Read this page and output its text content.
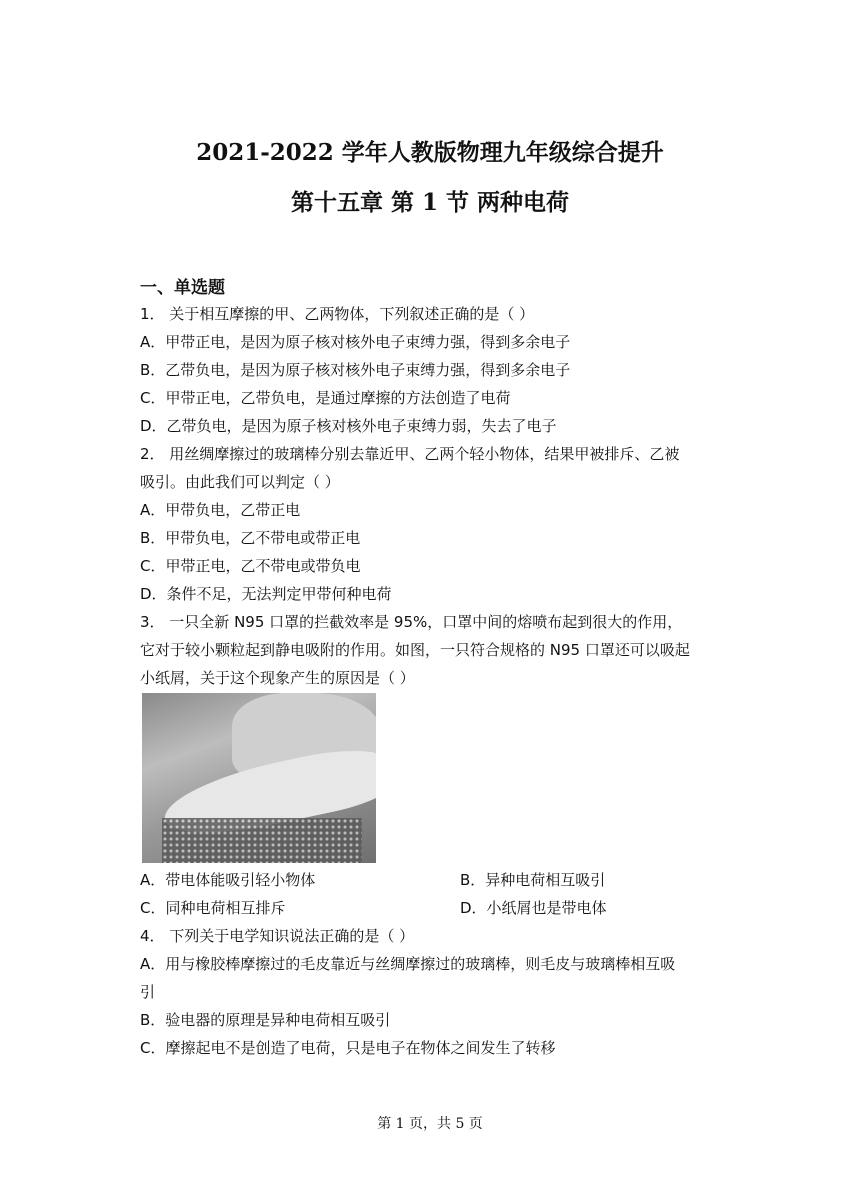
2021-2022 学年人教版物理九年级综合提升
第十五章 第 1 节 两种电荷
一、单选题
1． 关于相互摩擦的甲、乙两物体，下列叙述正确的是（ ）
A．甲带正电，是因为原子核对核外电子束缚力强，得到多余电子
B．乙带负电，是因为原子核对核外电子束缚力强，得到多余电子
C．甲带正电，乙带负电，是通过摩擦的方法创造了电荷
D．乙带负电，是因为原子核对核外电子束缚力弱，失去了电子
2． 用丝绸摩擦过的玻璃棒分别去靠近甲、乙两个轻小物体，结果甲被排斥、乙被
吸引。由此我们可以判定（ ）
A．甲带负电，乙带正电
B．甲带负电，乙不带电或带正电
C．甲带正电，乙不带电或带负电
D．条件不足，无法判定甲带何种电荷
3． 一只全新 N95 口罩的拦截效率是 95%，口罩中间的熔喷布起到很大的作用，
它对于较小颗粒起到静电吸附的作用。如图，一只符合规格的 N95 口罩还可以吸起
小纸屑，关于这个现象产生的原因是（ ）
A．带电体能吸引轻小物体	B．异种电荷相互吸引
C．同种电荷相互排斥	D．小纸屑也是带电体
4． 下列关于电学知识说法正确的是（ ）
A．用与橡胶棒摩擦过的毛皮靠近与丝绸摩擦过的玻璃棒，则毛皮与玻璃棒相互吸
引
B．验电器的原理是异种电荷相互吸引
C．摩擦起电不是创造了电荷，只是电子在物体之间发生了转移
第 1 页，共 5 页
